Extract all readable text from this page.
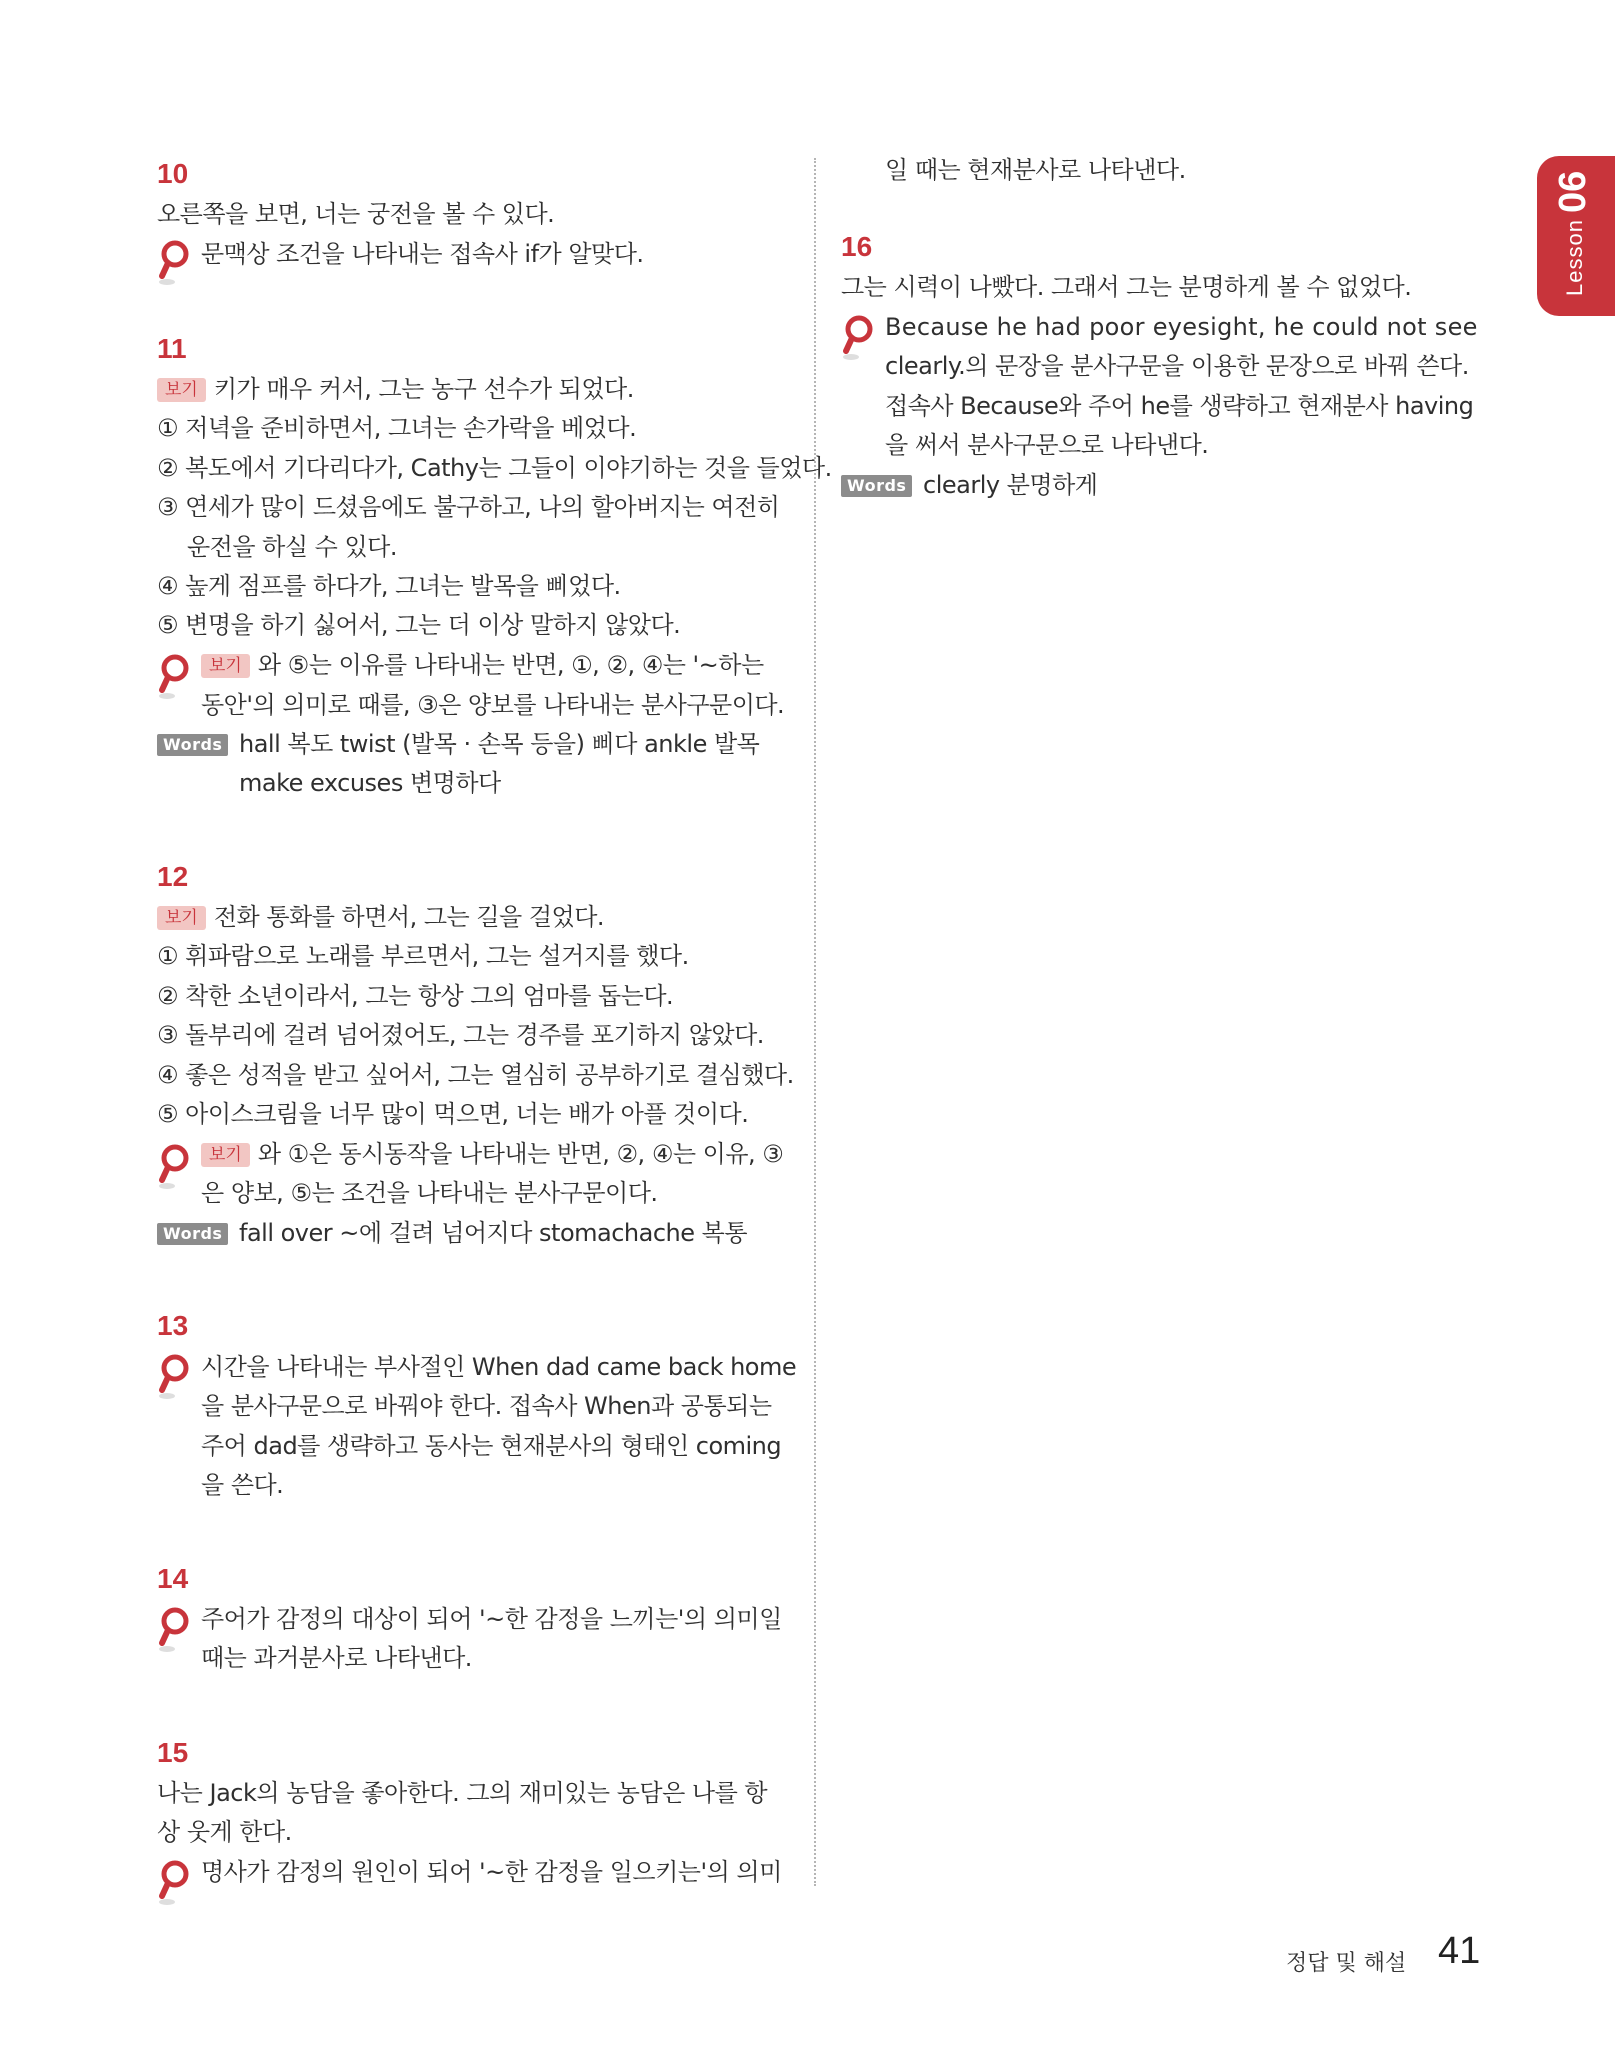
Lesson06
10
오른쪽을 보면, 너는 궁전을 볼 수 있다.
문맥상 조건을 나타내는 접속사 if가 알맞다.
11
보기 키가 매우 커서, 그는 농구 선수가 되었다.
① 저녁을 준비하면서, 그녀는 손가락을 베었다.
② 복도에서 기다리다가, Cathy는 그들이 이야기하는 것을 들었다.
③ 연세가 많이 드셨음에도 불구하고, 나의 할아버지는 여전히
운전을 하실 수 있다.
④ 높게 점프를 하다가, 그녀는 발목을 삐었다.
⑤ 변명을 하기 싫어서, 그는 더 이상 말하지 않았다.
보기 와 ⑤는 이유를 나타내는 반면, ①, ②, ④는 '~하는
동안'의 의미로 때를, ③은 양보를 나타내는 분사구문이다.
Words hall 복도 twist (발목 · 손목 등을) 삐다 ankle 발목
make excuses 변명하다
12
보기 전화 통화를 하면서, 그는 길을 걸었다.
① 휘파람으로 노래를 부르면서, 그는 설거지를 했다.
② 착한 소년이라서, 그는 항상 그의 엄마를 돕는다.
③ 돌부리에 걸려 넘어졌어도, 그는 경주를 포기하지 않았다.
④ 좋은 성적을 받고 싶어서, 그는 열심히 공부하기로 결심했다.
⑤ 아이스크림을 너무 많이 먹으면, 너는 배가 아플 것이다.
보기 와 ①은 동시동작을 나타내는 반면, ②, ④는 이유, ③
은 양보, ⑤는 조건을 나타내는 분사구문이다.
Words fall over ~에 걸려 넘어지다 stomachache 복통
13
시간을 나타내는 부사절인 When dad came back home
을 분사구문으로 바꿔야 한다. 접속사 When과 공통되는
주어 dad를 생략하고 동사는 현재분사의 형태인 coming
을 쓴다.
14
주어가 감정의 대상이 되어 '~한 감정을 느끼는'의 의미일
때는 과거분사로 나타낸다.
15
나는 Jack의 농담을 좋아한다. 그의 재미있는 농담은 나를 항
상 웃게 한다.
명사가 감정의 원인이 되어 '~한 감정을 일으키는'의 의미
일 때는 현재분사로 나타낸다.
16
그는 시력이 나빴다. 그래서 그는 분명하게 볼 수 없었다.
Because he had poor eyesight, he could not see
clearly.의 문장을 분사구문을 이용한 문장으로 바꿔 쓴다.
접속사 Because와 주어 he를 생략하고 현재분사 having
을 써서 분사구문으로 나타낸다.
Words clearly 분명하게
정답 및 해설 41
